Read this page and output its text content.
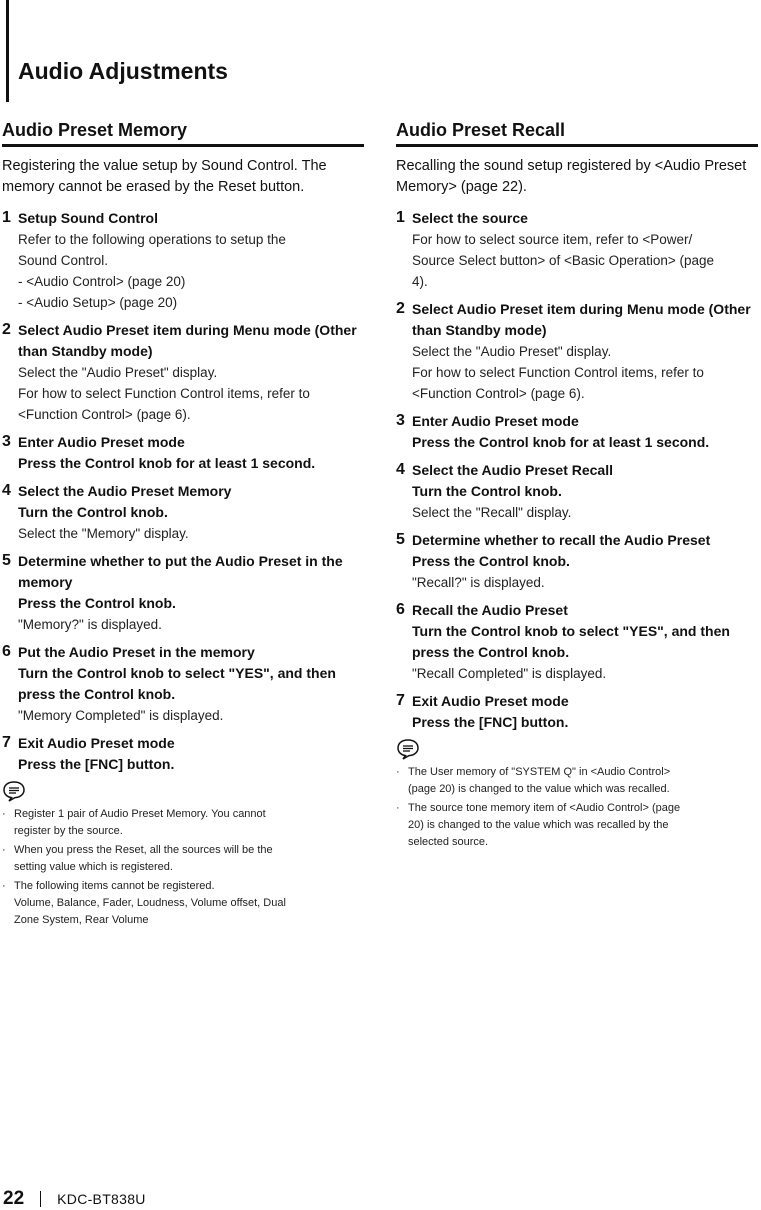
Audio Adjustments
Audio Preset Memory

Registering the value setup by Sound Control. The memory cannot be erased by the Reset button.

1 Setup Sound Control
Refer to the following operations to setup the
Sound Control.
- <Audio Control> (page 20)
- <Audio Setup> (page 20)
2 Select Audio Preset item during Menu mode (Other than Standby mode)
Select the "Audio Preset" display.
For how to select Function Control items, refer to
<Function Control> (page 6).
3 Enter Audio Preset mode
Press the Control knob for at least 1 second.
4 Select the Audio Preset Memory
Turn the Control knob.
Select the "Memory" display.
5 Determine whether to put the Audio Preset in the memory
Press the Control knob.
"Memory?" is displayed.
6 Put the Audio Preset in the memory
Turn the Control knob to select "YES", and then press the Control knob.
"Memory Completed" is displayed.
7 Exit Audio Preset mode
Press the [FNC] button.
· Register 1 pair of Audio Preset Memory. You cannot
register by the source.
· When you press the Reset, all the sources will be the
setting value which is registered.
· The following items cannot be registered.
Volume, Balance, Fader, Loudness, Volume offset, Dual
Zone System, Rear Volume
Audio Preset Recall

Recalling the sound setup registered by <Audio Preset Memory> (page 22).

1 Select the source
For how to select source item, refer to <Power/
Source Select button> of <Basic Operation> (page
4).
2 Select Audio Preset item during Menu mode (Other than Standby mode)
Select the "Audio Preset" display.
For how to select Function Control items, refer to
<Function Control> (page 6).
3 Enter Audio Preset mode
Press the Control knob for at least 1 second.
4 Select the Audio Preset Recall
Turn the Control knob.
Select the "Recall" display.
5 Determine whether to recall the Audio Preset
Press the Control knob.
"Recall?" is displayed.
6 Recall the Audio Preset
Turn the Control knob to select "YES", and then press the Control knob.
"Recall Completed" is displayed.
7 Exit Audio Preset mode
Press the [FNC] button.
· The User memory of "SYSTEM Q" in <Audio Control>
(page 20) is changed to the value which was recalled.
· The source tone memory item of <Audio Control> (page
20) is changed to the value which was recalled by the
selected source.
22 KDC-BT838U
